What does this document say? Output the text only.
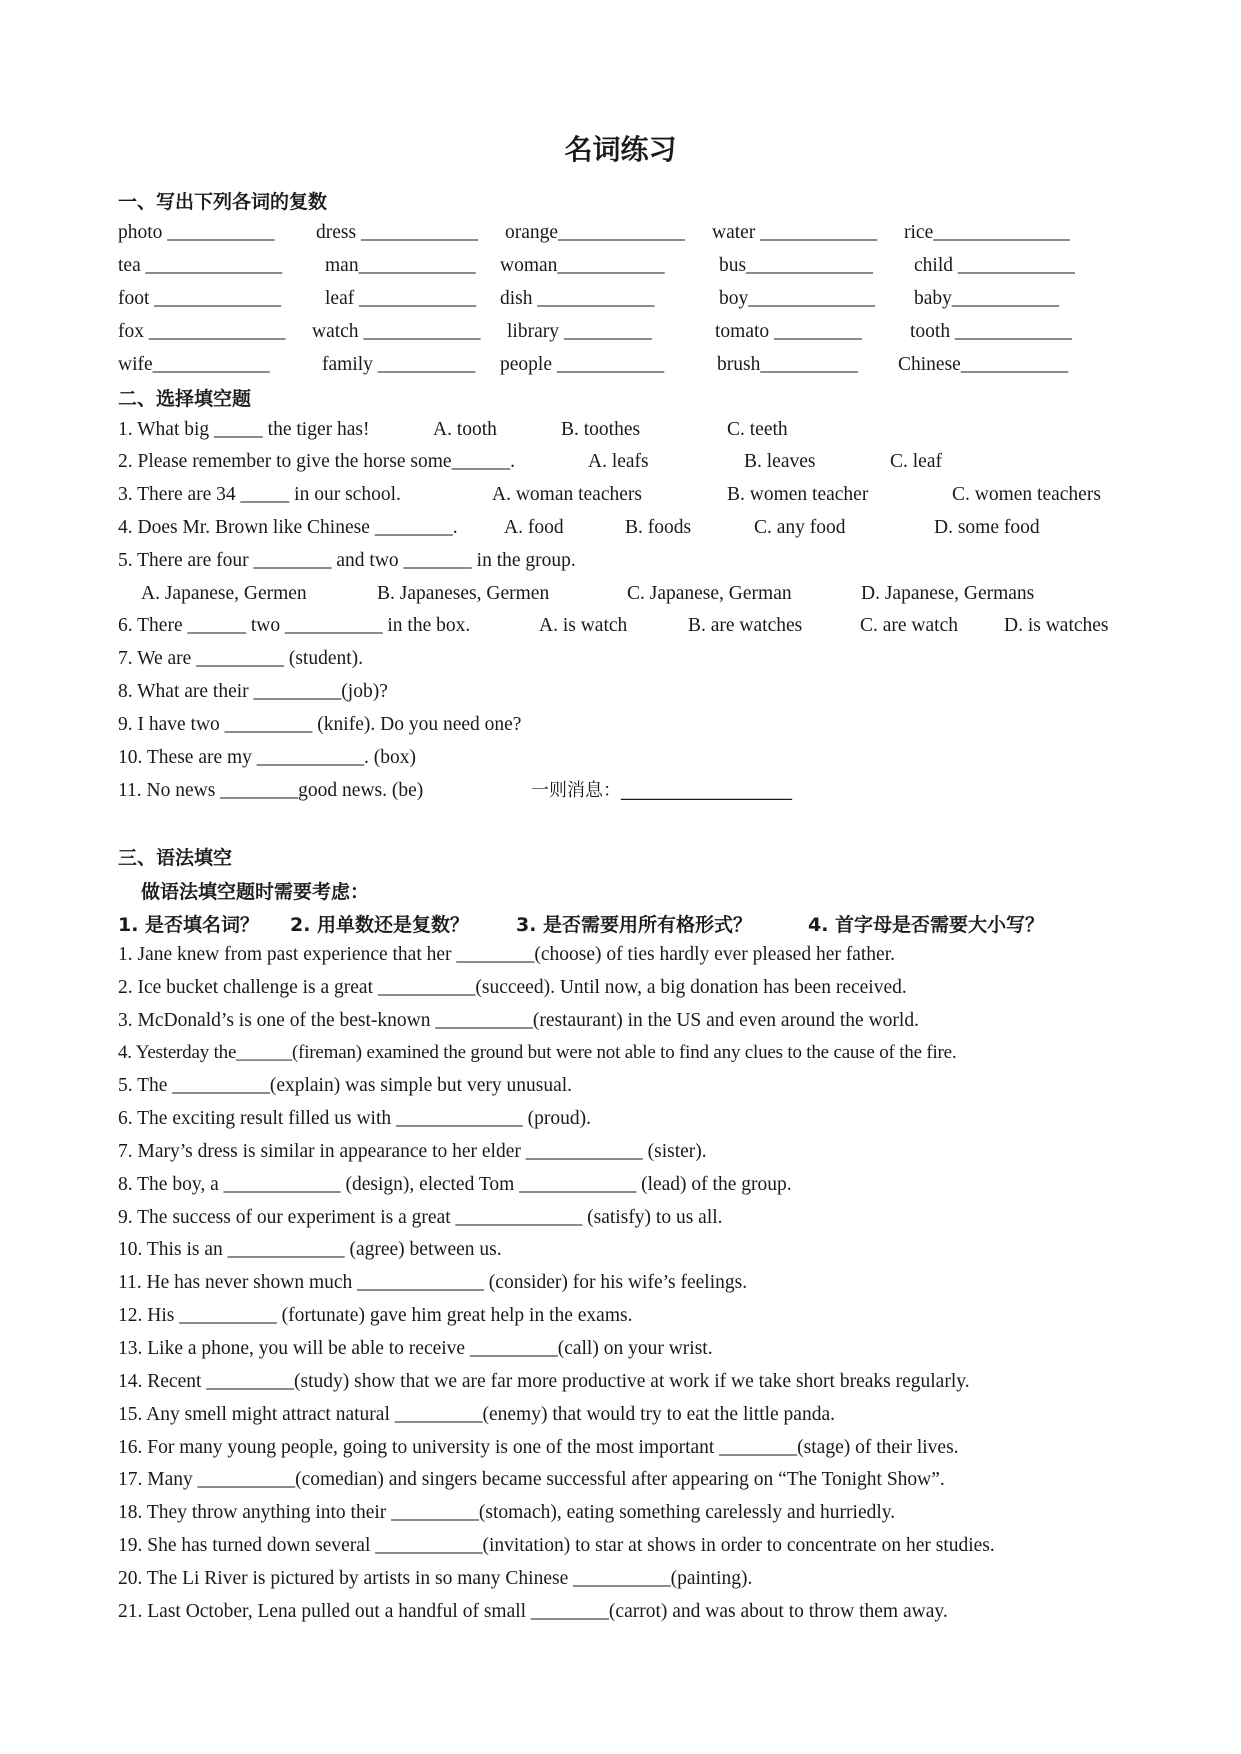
名词练习
一、写出下列各词的复数
photo ___________ dress ____________ orange_____________ water ____________ rice______________
tea ______________ man____________ woman___________	bus_____________ child ____________
foot _____________ leaf ____________ dish ____________	boy_____________ baby___________
fox ______________ watch ____________ library _________	tomato _________ tooth ____________
wife____________	family __________ people ___________	brush__________ Chinese___________
二、选择填空题
1. What big _____ the tiger has!	A. tooth	B. toothes	C. teeth
2. Please remember to give the horse some______.	A. leafs	B. leaves	C. leaf
3. There are 34 _____ in our school.	A. woman teachers	B. women teacher	C. women teachers
4. Does Mr. Brown like Chinese ________. A. food	B. foods	C. any food	D. some food
5. There are four ________ and two _______ in the group.
A. Japanese, Germen	B. Japaneses, Germen	C. Japanese, German	D. Japanese, Germans
6. There ______ two __________ in the box.	A. is watch	B. are watches	C. are watch D. is watches
7. We are _________ (student).
8. What are their _________(job)?
9. I have two _________ (knife). Do you need one?
10. These are my ___________. (box)
11. No news ________good news. (be)	一则消息：___________________
三、语法填空
做语法填空题时需要考虑：
1. 是否填名词？ 2. 用单数还是复数？ 3. 是否需要用所有格形式？	4. 首字母是否需要大小写？
1. Jane knew from past experience that her ________(choose) of ties hardly ever pleased her father.
2. Ice bucket challenge is a great __________(succeed). Until now, a big donation has been received.
3. McDonald’s is one of the best-known __________(restaurant) in the US and even around the world.
4. Yesterday the______(fireman) examined the ground but were not able to find any clues to the cause of the fire.
5. The __________(explain) was simple but very unusual.
6. The exciting result filled us with _____________ (proud).
7. Mary’s dress is similar in appearance to her elder ____________ (sister).
8. The boy, a ____________ (design), elected Tom ____________ (lead) of the group.
9. The success of our experiment is a great _____________ (satisfy) to us all.
10. This is an ____________ (agree) between us.
11. He has never shown much _____________ (consider) for his wife’s feelings.
12. His __________ (fortunate) gave him great help in the exams.
13. Like a phone, you will be able to receive _________(call) on your wrist.
14. Recent _________(study) show that we are far more productive at work if we take short breaks regularly.
15. Any smell might attract natural _________(enemy) that would try to eat the little panda.
16. For many young people, going to university is one of the most important ________(stage) of their lives.
17. Many __________(comedian) and singers became successful after appearing on “The Tonight Show”.
18. They throw anything into their _________(stomach), eating something carelessly and hurriedly.
19. She has turned down several ___________(invitation) to star at shows in order to concentrate on her studies.
20. The Li River is pictured by artists in so many Chinese __________(painting).
21. Last October, Lena pulled out a handful of small ________(carrot) and was about to throw them away.
